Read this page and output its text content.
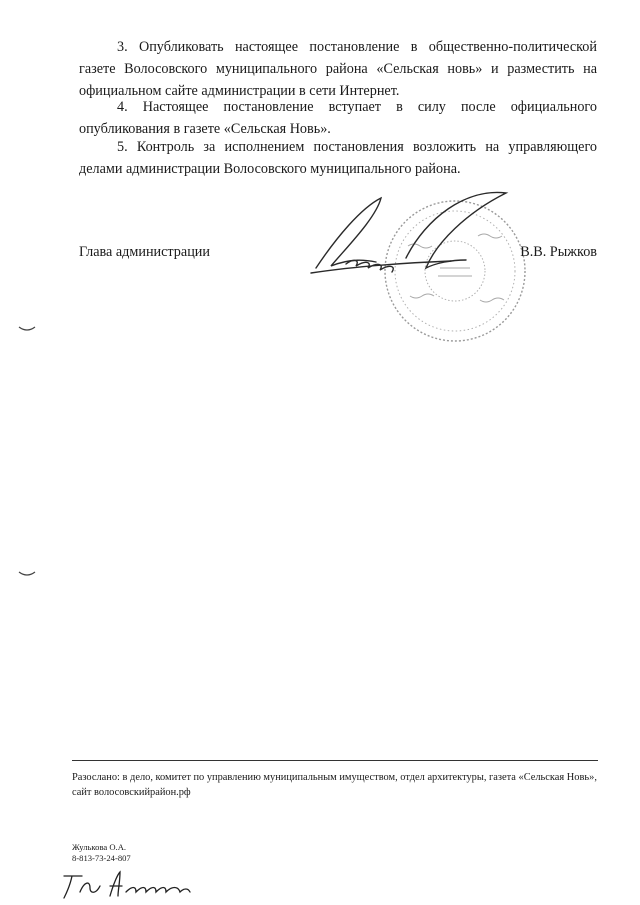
3. Опубликовать настоящее постановление в общественно-политической газете Волосовского муниципального района «Сельская новь» и разместить на официальном сайте администрации в сети Интернет.

4. Настоящее постановление вступает в силу после официального опубликования в газете «Сельская Новь».

5. Контроль за исполнением постановления возложить на управляющего делами администрации Волосовского муниципального района.

Глава администрации	В.В. Рыжков

Разослано: в дело, комитет по управлению муниципальным имуществом, отдел архитектуры, газета «Сельская Новь», сайт волосовскийрайон.рф

Жулькова О.А.
8-813-73-24-807
